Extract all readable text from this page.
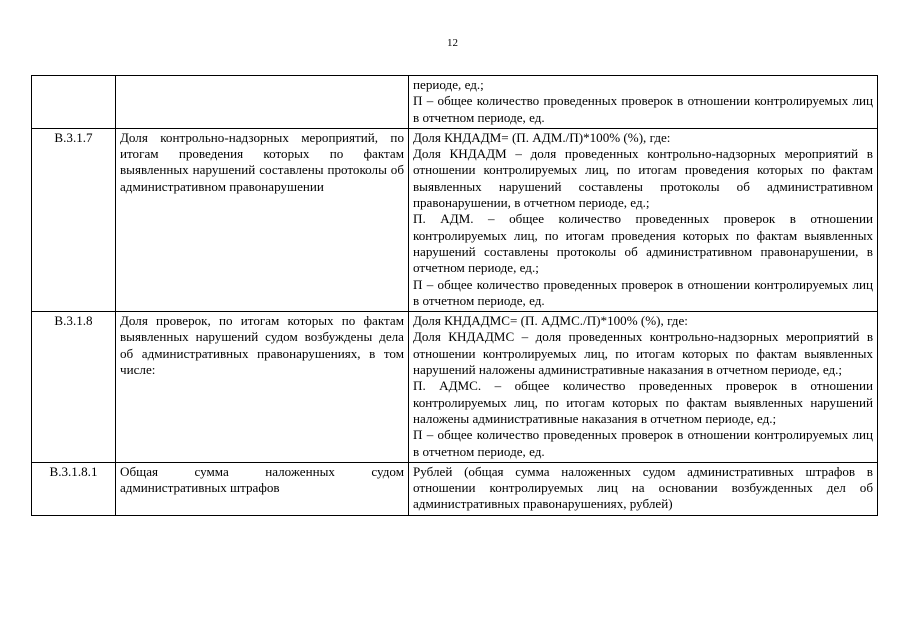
12

		периоде, ед.;
П – общее количество проведенных проверок в отношении контролируемых лиц в отчетном периоде, ед.

В.3.1.7	Доля контрольно-надзорных мероприятий, по итогам проведения которых по фактам выявленных нарушений составлены протоколы об административном правонарушении	Доля КНДАДМ= (П. АДМ./П)*100% (%), где:
Доля КНДАДМ – доля проведенных контрольно-надзорных мероприятий в отношении контролируемых лиц, по итогам проведения которых по фактам выявленных нарушений составлены протоколы об административном правонарушении, в отчетном периоде, ед.;
П. АДМ. – общее количество проведенных проверок в отношении контролируемых лиц, по итогам проведения которых по фактам выявленных нарушений составлены протоколы об административном правонарушении, в отчетном периоде, ед.;
П – общее количество проведенных проверок в отношении контролируемых лиц в отчетном периоде, ед.

В.3.1.8	Доля проверок, по итогам которых по фактам выявленных нарушений судом возбуждены дела об административных правонарушениях, в том числе:	Доля КНДАДМС= (П. АДМС./П)*100% (%), где:
Доля КНДАДМС – доля проведенных контрольно-надзорных мероприятий в отношении контролируемых лиц, по итогам которых по фактам выявленных нарушений наложены административные наказания в отчетном периоде, ед.;
П. АДМС. – общее количество проведенных проверок в отношении контролируемых лиц, по итогам которых по фактам выявленных нарушений наложены административные наказания в отчетном периоде, ед.;
П – общее количество проведенных проверок в отношении контролируемых лиц в отчетном периоде, ед.

В.3.1.8.1	Общая сумма наложенных судом административных штрафов	Рублей (общая сумма наложенных судом административных штрафов в отношении контролируемых лиц на основании возбужденных дел об административных правонарушениях, рублей)
